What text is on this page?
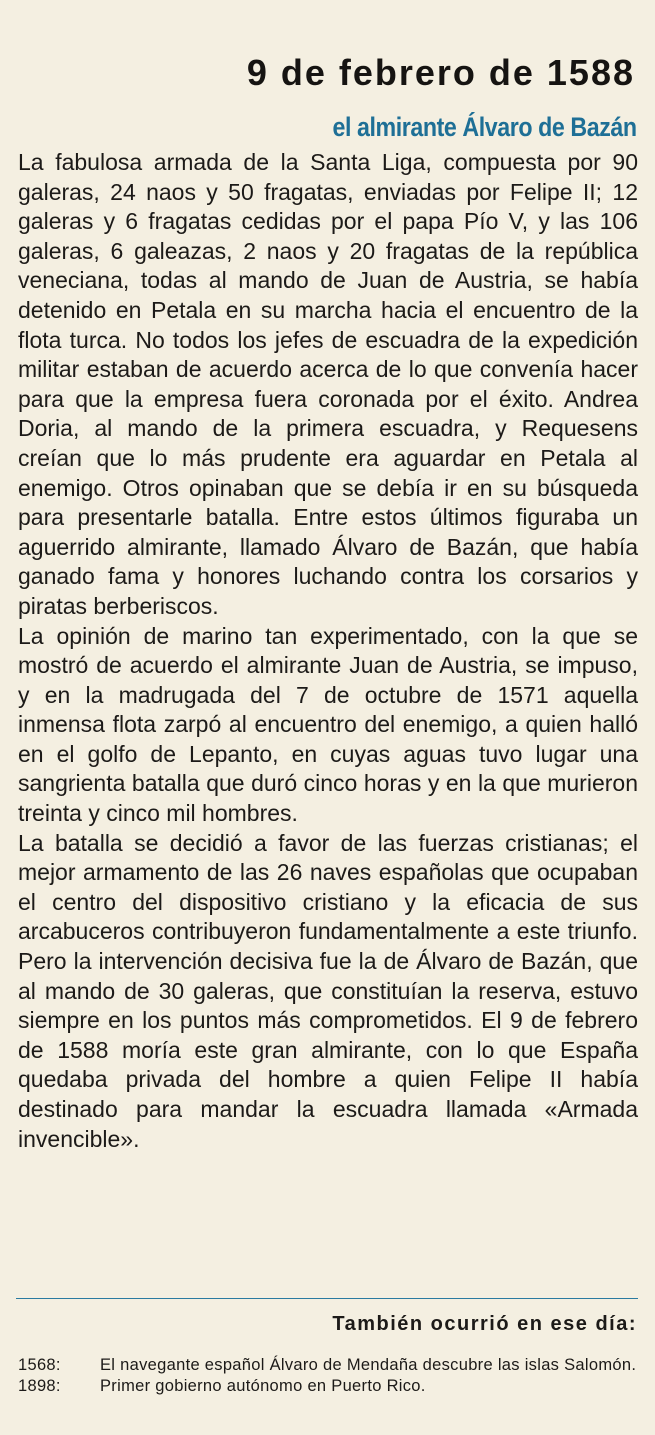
9 de febrero de 1588
el almirante Álvaro de Bazán

La fabulosa armada de la Santa Liga, compuesta por 90 galeras, 24 naos y 50 fragatas, enviadas por Felipe II; 12 galeras y 6 fragatas cedidas por el papa Pío V, y las 106 galeras, 6 galeazas, 2 naos y 20 fragatas de la república veneciana, todas al mando de Juan de Austria, se había detenido en Petala en su marcha hacia el encuentro de la flota turca. No todos los jefes de escuadra de la expedición militar estaban de acuerdo acerca de lo que convenía hacer para que la empresa fuera coronada por el éxito. Andrea Doria, al mando de la primera escuadra, y Requesens creían que lo más prudente era aguardar en Petala al enemigo. Otros opinaban que se debía ir en su búsqueda para presentarle batalla. Entre estos últimos figuraba un aguerrido almirante, llamado Álvaro de Bazán, que había ganado fama y honores luchando contra los corsarios y piratas berberiscos.

La opinión de marino tan experimentado, con la que se mostró de acuerdo el almirante Juan de Austria, se impuso, y en la madrugada del 7 de octubre de 1571 aquella inmensa flota zarpó al encuentro del enemigo, a quien halló en el golfo de Lepanto, en cuyas aguas tuvo lugar una sangrienta batalla que duró cinco horas y en la que murieron treinta y cinco mil hombres.

La batalla se decidió a favor de las fuerzas cristianas; el mejor armamento de las 26 naves españolas que ocupaban el centro del dispositivo cristiano y la eficacia de sus arcabuceros contribuyeron fundamentalmente a este triunfo. Pero la intervención decisiva fue la de Álvaro de Bazán, que al mando de 30 galeras, que constituían la reserva, estuvo siempre en los puntos más comprometidos. El 9 de febrero de 1588 moría este gran almirante, con lo que España quedaba privada del hombre a quien Felipe II había destinado para mandar la escuadra llamada «Armada invencible».

También ocurrió en ese día:
1568:	El navegante español Álvaro de Mendaña descubre las islas Salomón.
1898:	Primer gobierno autónomo en Puerto Rico.
